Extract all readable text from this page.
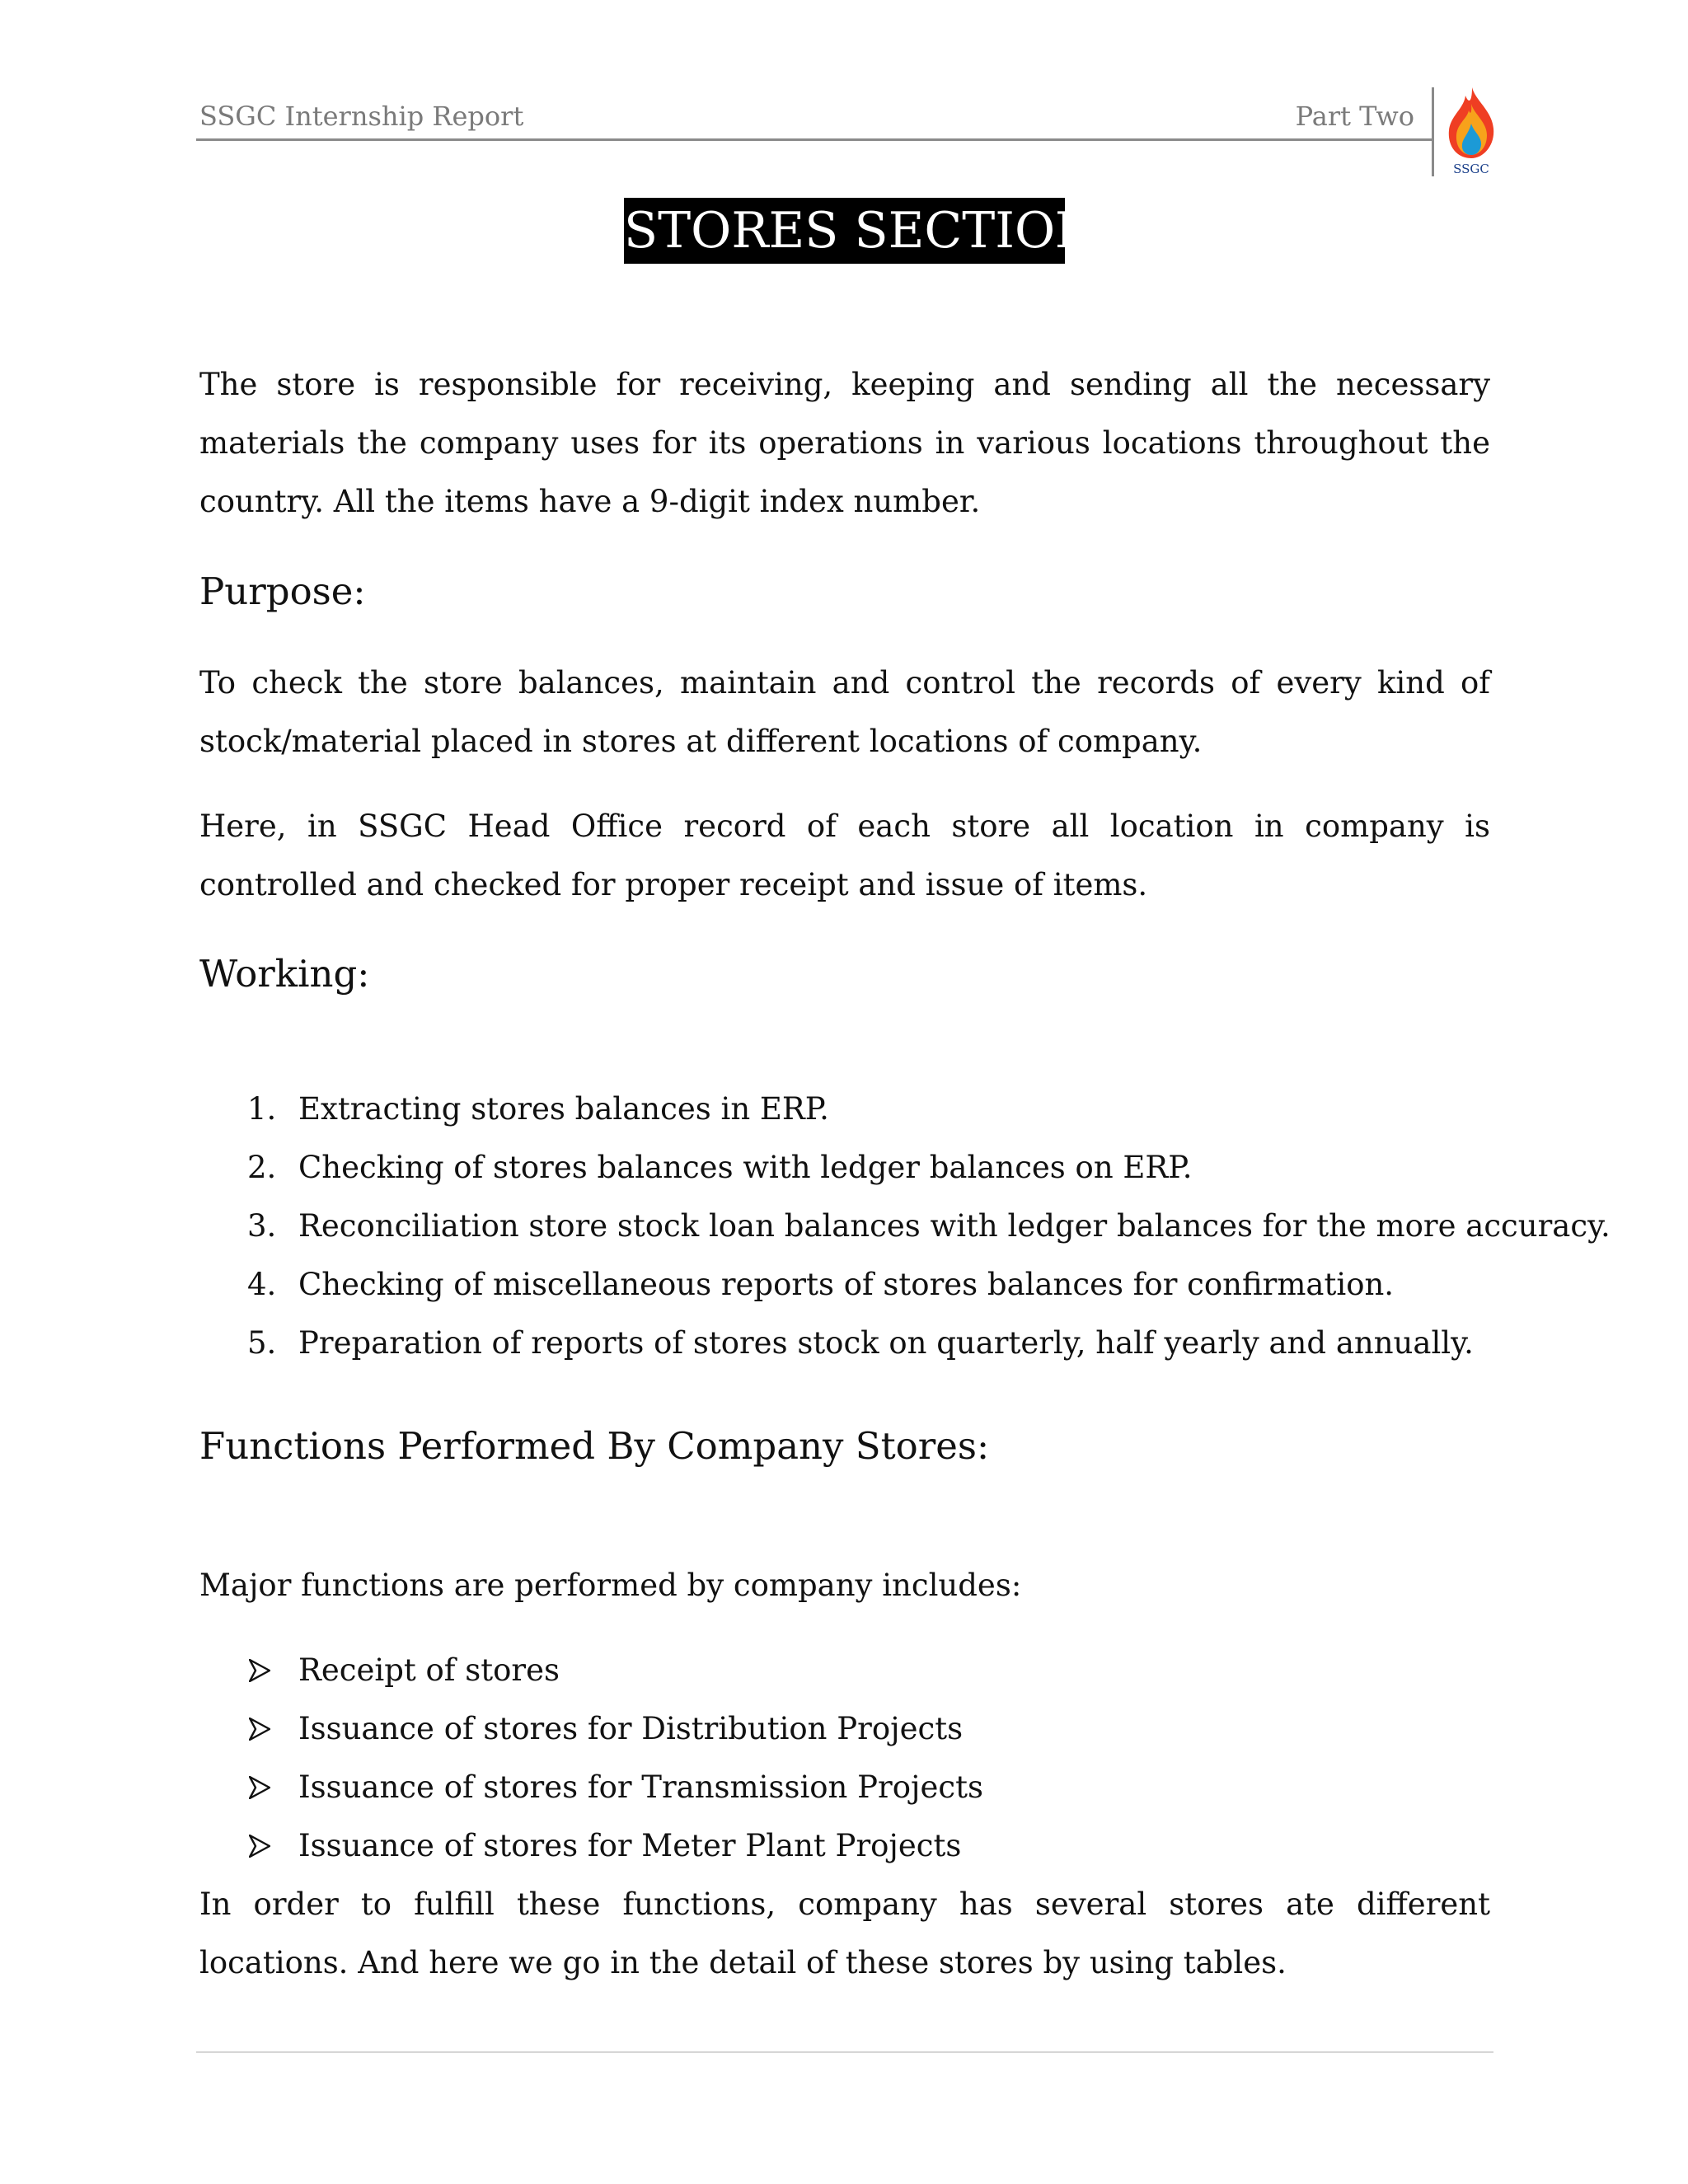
SSGC Internship Report	Part Two
SSGC
STORES SECTION

The store is responsible for receiving, keeping and sending all the necessary materials the company uses for its operations in various locations throughout the country. All the items have a 9-digit index number.

Purpose:

To check the store balances, maintain and control the records of every kind of stock/material placed in stores at different locations of company.

Here, in SSGC Head Office record of each store all location in company is controlled and checked for proper receipt and issue of items.

Working:
1. Extracting stores balances in ERP.
2. Checking of stores balances with ledger balances on ERP.
3. Reconciliation store stock loan balances with ledger balances for the more accuracy.
4. Checking of miscellaneous reports of stores balances for confirmation.
5. Preparation of reports of stores stock on quarterly, half yearly and annually.
Functions Performed By Company Stores:

Major functions are performed by company includes:

Receipt of stores
Issuance of stores for Distribution Projects
Issuance of stores for Transmission Projects
Issuance of stores for Meter Plant Projects

In order to fulfill these functions, company has several stores ate different locations. And here we go in the detail of these stores by using tables.
